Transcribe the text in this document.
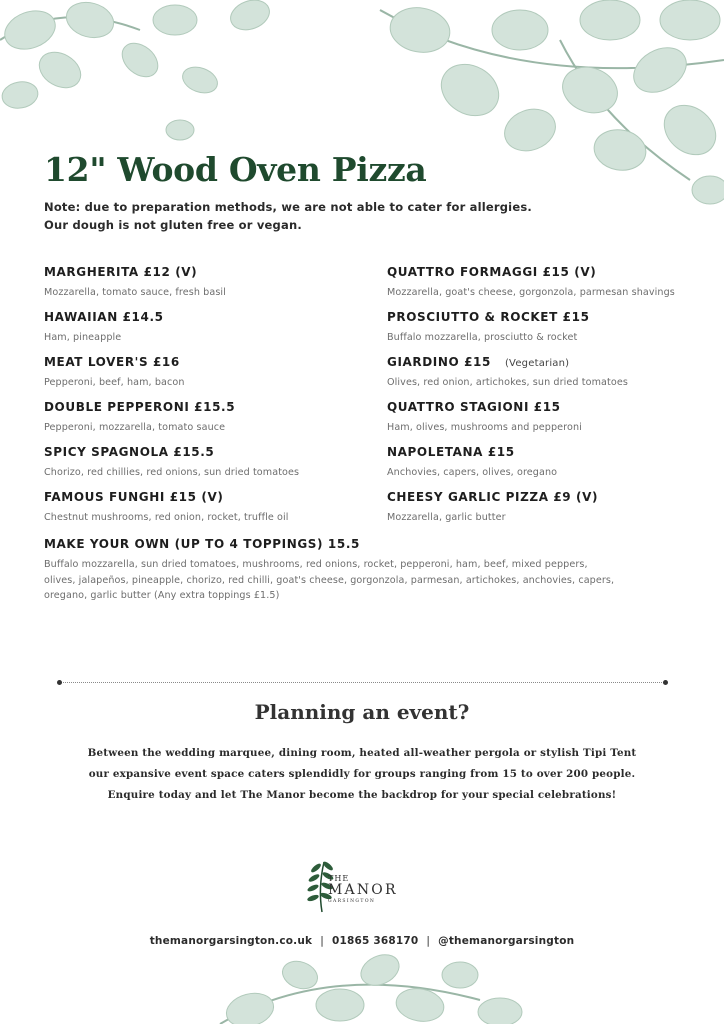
12" Wood Oven Pizza
Note: due to preparation methods, we are not able to cater for allergies.
Our dough is not gluten free or vegan.
MARGHERITA £12 (V)
Mozzarella, tomato sauce, fresh basil
HAWAIIAN £14.5
Ham, pineapple
MEAT LOVER'S £16
Pepperoni, beef, ham, bacon
DOUBLE PEPPERONI £15.5
Pepperoni, mozzarella, tomato sauce
SPICY SPAGNOLA £15.5
Chorizo, red chillies, red onions, sun dried tomatoes
FAMOUS FUNGHI £15 (V)
Chestnut mushrooms, red onion, rocket, truffle oil
QUATTRO FORMAGGI £15 (V)
Mozzarella, goat's cheese, gorgonzola, parmesan shavings
PROSCIUTTO & ROCKET £15
Buffalo mozzarella, prosciutto & rocket
GIARDINO £15 (Vegetarian)
Olives, red onion, artichokes, sun dried tomatoes
QUATTRO STAGIONI £15
Ham, olives, mushrooms and pepperoni
NAPOLETANA £15
Anchovies, capers, olives, oregano
CHEESY GARLIC PIZZA £9 (V)
Mozzarella, garlic butter
MAKE YOUR OWN (UP TO 4 TOPPINGS) 15.5
Buffalo mozzarella, sun dried tomatoes, mushrooms, red onions, rocket, pepperoni, ham, beef, mixed peppers,
olives, jalapeños, pineapple, chorizo, red chilli, goat's cheese, gorgonzola, parmesan, artichokes, anchovies, capers,
oregano, garlic butter (Any extra toppings £1.5)
Planning an event?
Between the wedding marquee, dining room, heated all-weather pergola or stylish Tipi Tent
our expansive event space caters splendidly for groups ranging from 15 to over 200 people.
Enquire today and let The Manor become the backdrop for your special celebrations!
THE
MANOR
GARSINGTON
themanorgarsington.co.uk | 01865 368170 | @themanorgarsington
